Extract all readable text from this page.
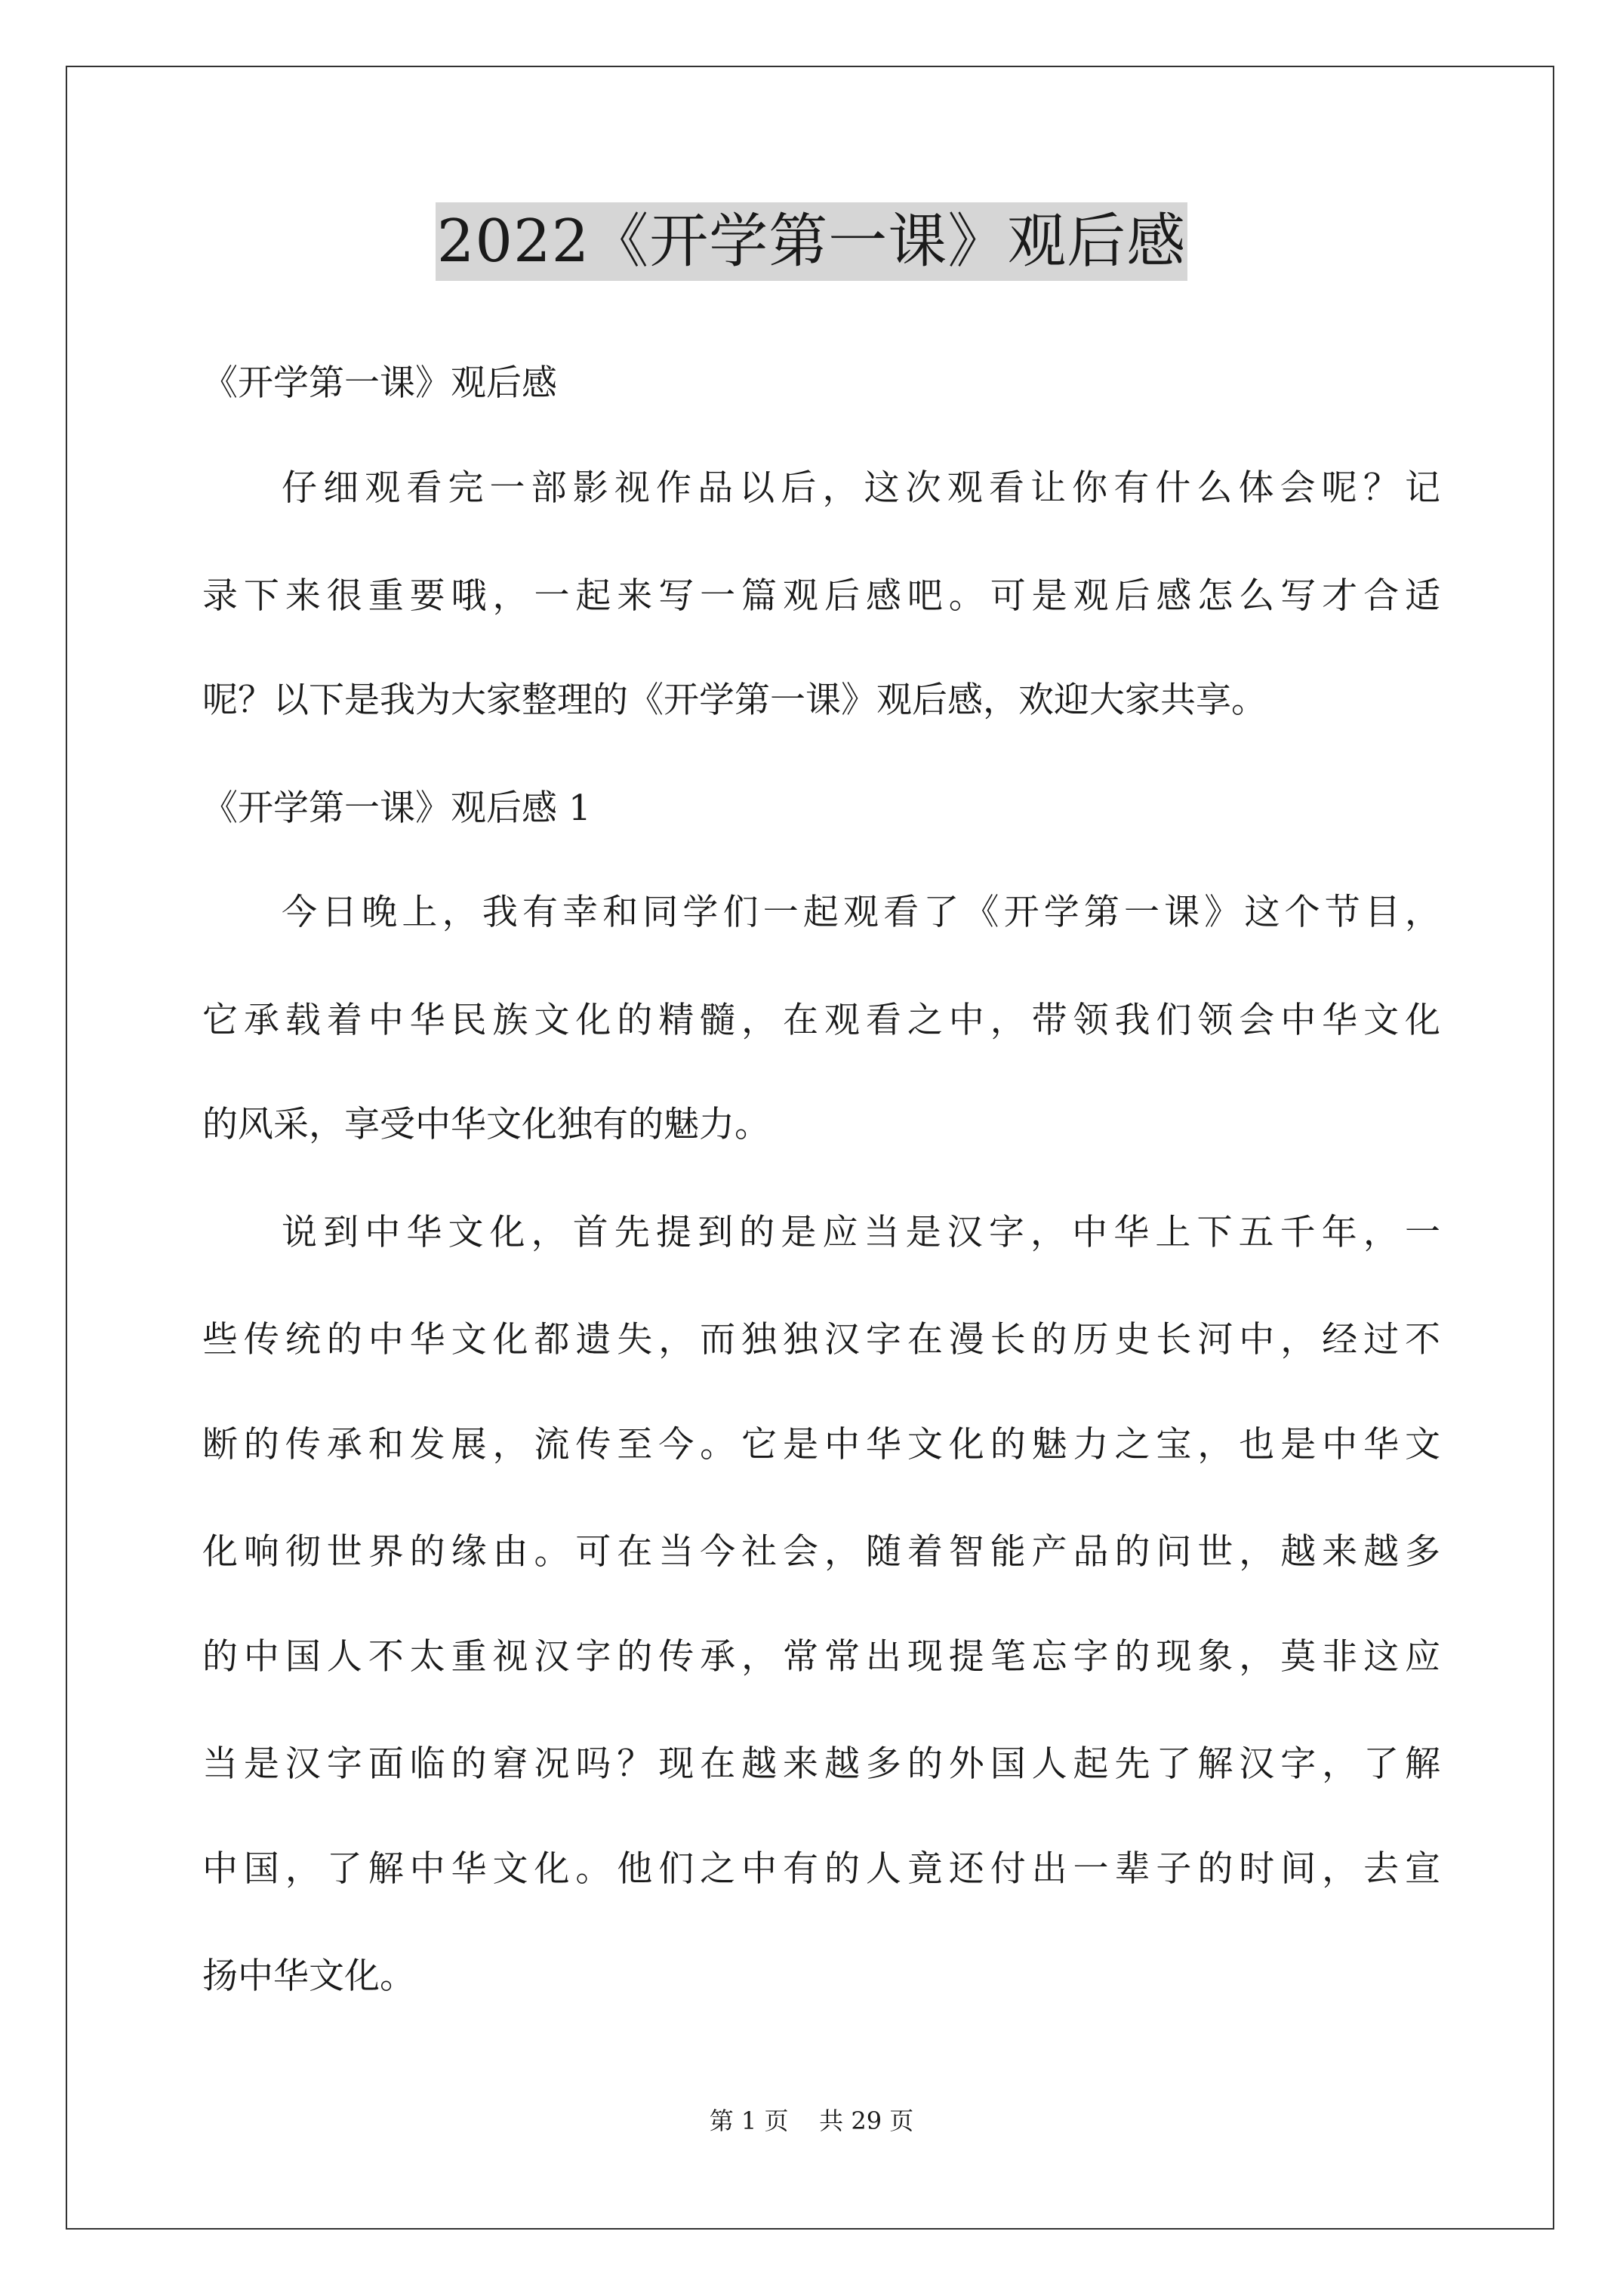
2022《开学第一课》观后感
《开学第一课》观后感
仔细观看完一部影视作品以后，这次观看让你有什么体会呢？记
录下来很重要哦，一起来写一篇观后感吧。可是观后感怎么写才合适
呢？以下是我为大家整理的《开学第一课》观后感，欢迎大家共享。
《开学第一课》观后感 1
今日晚上，我有幸和同学们一起观看了《开学第一课》这个节目，
它承载着中华民族文化的精髓，在观看之中，带领我们领会中华文化
的风采，享受中华文化独有的魅力。
说到中华文化，首先提到的是应当是汉字，中华上下五千年，一
些传统的中华文化都遗失，而独独汉字在漫长的历史长河中，经过不
断的传承和发展，流传至今。它是中华文化的魅力之宝，也是中华文
化响彻世界的缘由。可在当今社会，随着智能产品的问世，越来越多
的中国人不太重视汉字的传承，常常出现提笔忘字的现象，莫非这应
当是汉字面临的窘况吗？现在越来越多的外国人起先了解汉字，了解
中国，了解中华文化。他们之中有的人竟还付出一辈子的时间，去宣
扬中华文化。
第 1 页 共 29 页
